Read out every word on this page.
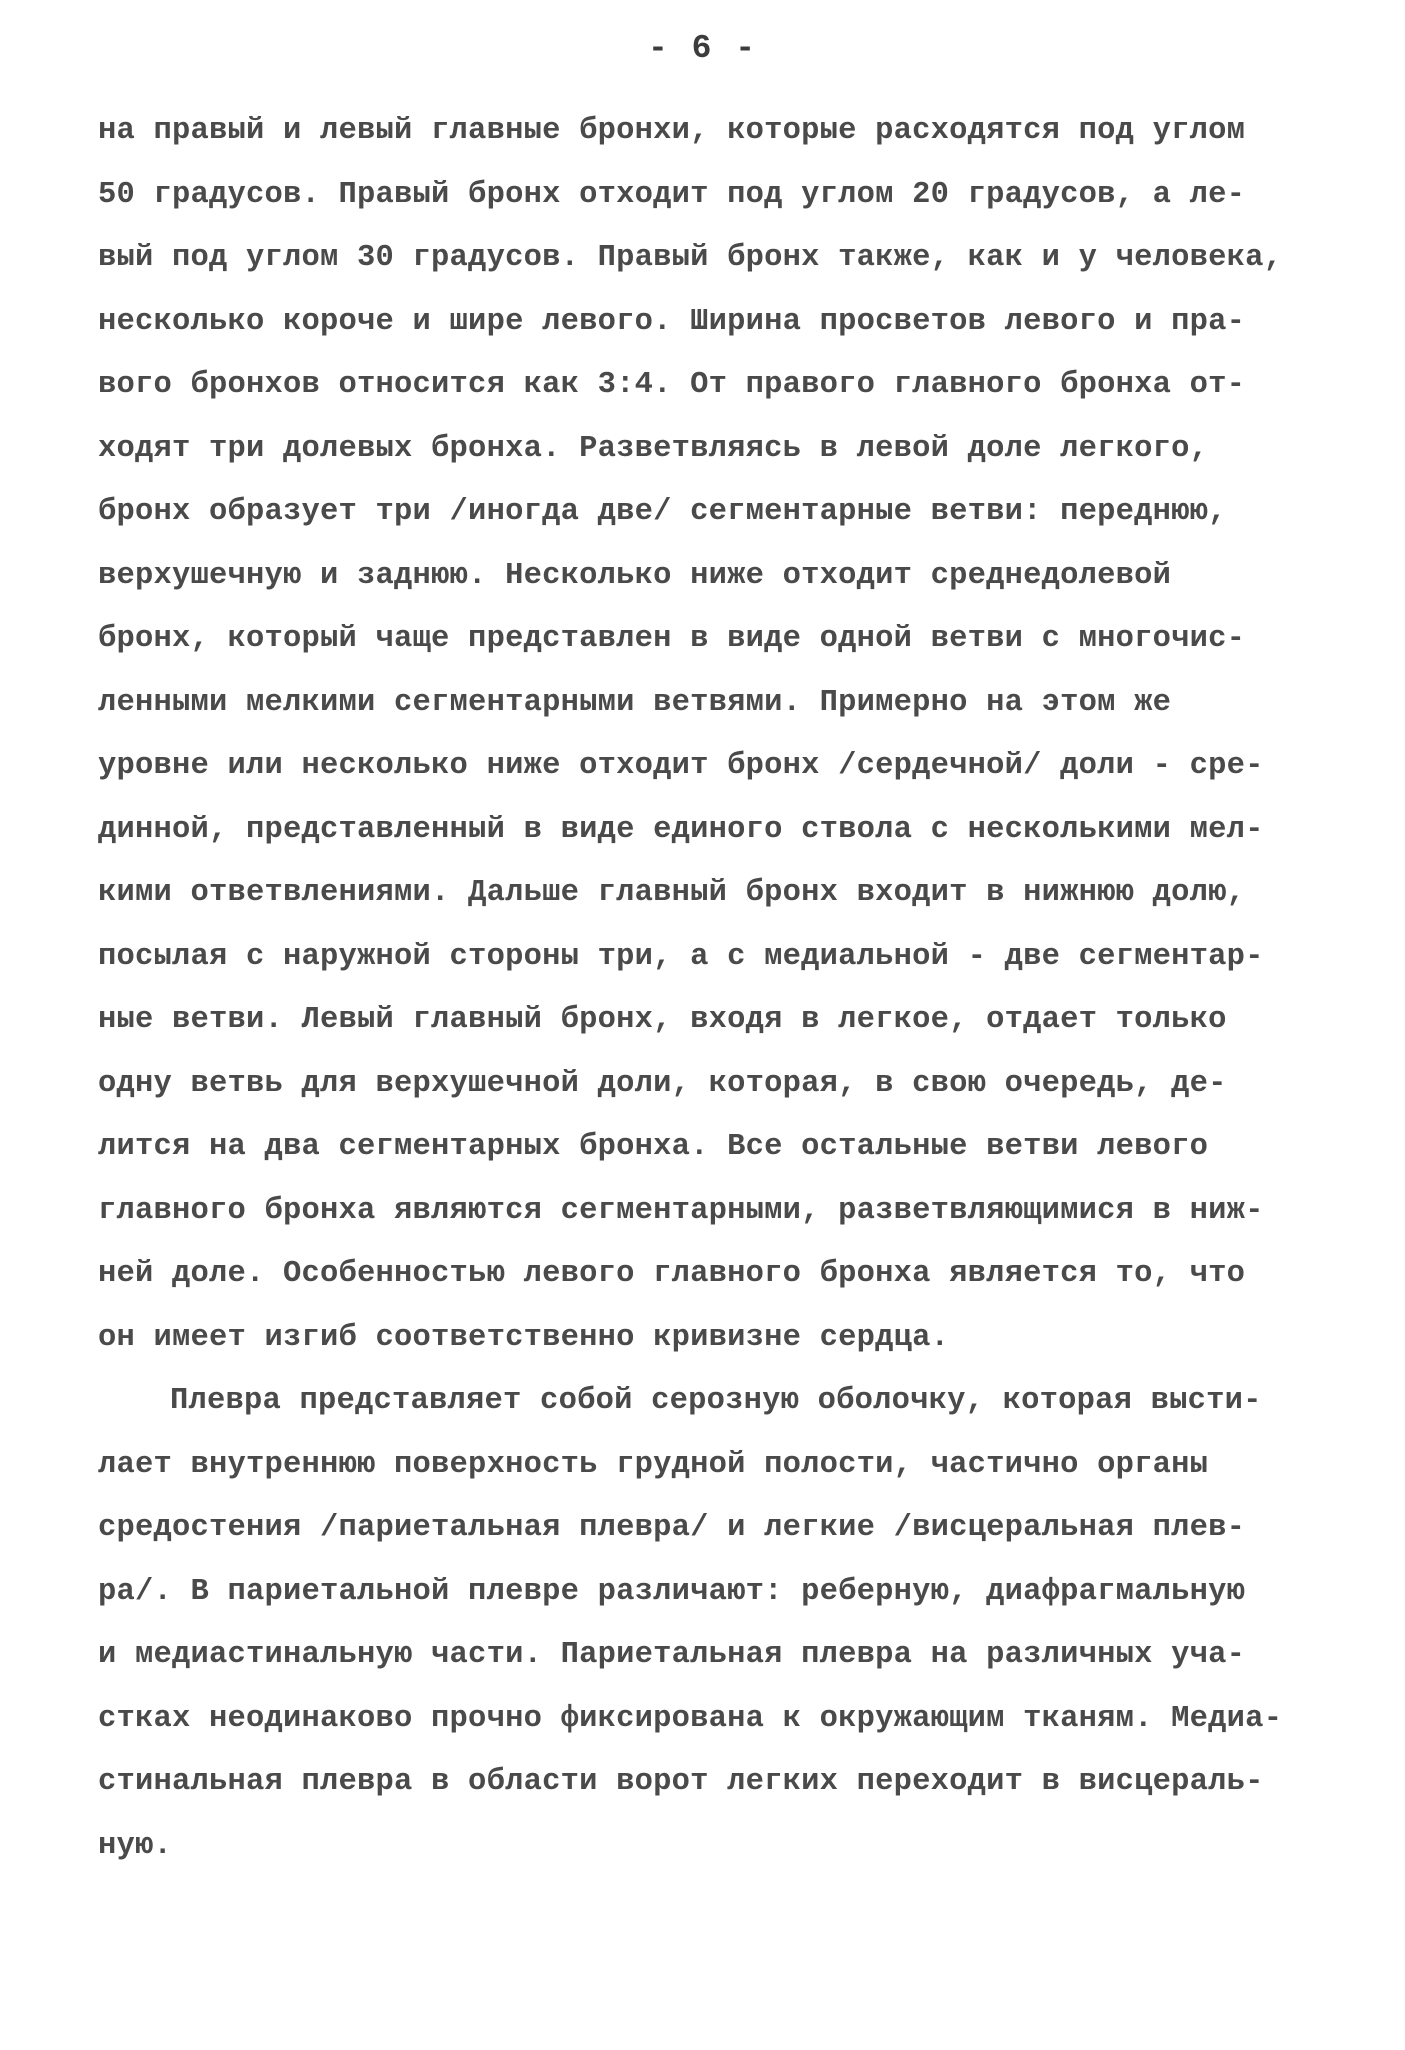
- 6 -
на правый и левый главные бронхи, которые расходятся под углом
50 градусов. Правый бронх отходит под углом 20 градусов, а ле-
вый под углом 30 градусов. Правый бронх также, как и у человека,
несколько короче и шире левого. Ширина просветов левого и пра-
вого бронхов относится как 3:4. От правого главного бронха от-
ходят три долевых бронха. Разветвляясь в левой доле легкого,
бронх образует три /иногда две/ сегментарные ветви: переднюю,
верхушечную и заднюю. Несколько ниже отходит среднедолевой
бронх, который чаще представлен в виде одной ветви с многочис-
ленными мелкими сегментарными ветвями. Примерно на этом же
уровне или несколько ниже отходит бронх /сердечной/ доли - сре-
динной, представленный в виде единого ствола с несколькими мел-
кими ответвлениями. Дальше главный бронх входит в нижнюю долю,
посылая с наружной стороны три, а с медиальной - две сегментар-
ные ветви. Левый главный бронх, входя в легкое, отдает только
одну ветвь для верхушечной доли, которая, в свою очередь, де-
лится на два сегментарных бронха. Все остальные ветви левого
главного бронха являются сегментарными, разветвляющимися в ниж-
ней доле. Особенностью левого главного бронха является то, что
он имеет изгиб соответственно кривизне сердца.
Плевра представляет собой серозную оболочку, которая высти-
лает внутреннюю поверхность грудной полости, частично органы
средостения /париетальная плевра/ и легкие /висцеральная плев-
ра/. В париетальной плевре различают: реберную, диафрагмальную
и медиастинальную части. Париетальная плевра на различных уча-
стках неодинаково прочно фиксирована к окружающим тканям. Медиа-
стинальная плевра в области ворот легких переходит в висцераль-
ную.
